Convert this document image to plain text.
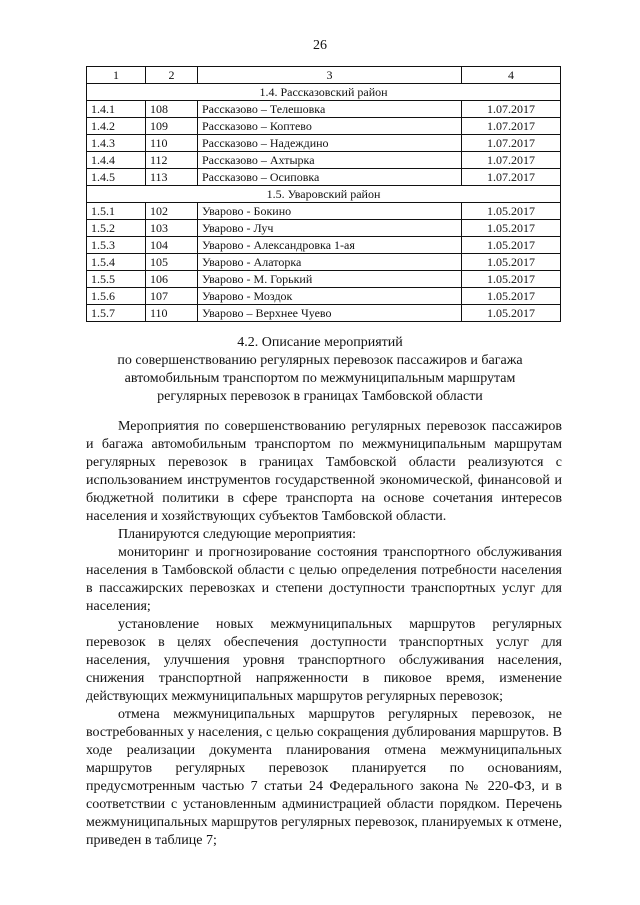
26
1	2	3	4
1.4. Рассказовский район			
1.4.1	108	Рассказово – Телешовка	1.07.2017
1.4.2	109	Рассказово – Коптево	1.07.2017
1.4.3	110	Рассказово – Надеждино	1.07.2017
1.4.4	112	Рассказово – Ахтырка	1.07.2017
1.4.5	113	Рассказово – Осиповка	1.07.2017
1.5. Уваровский район			
1.5.1	102	Уварово - Бокино	1.05.2017
1.5.2	103	Уварово - Луч	1.05.2017
1.5.3	104	Уварово - Александровка 1-ая	1.05.2017
1.5.4	105	Уварово - Алаторка	1.05.2017
1.5.5	106	Уварово - М. Горький	1.05.2017
1.5.6	107	Уварово - Моздок	1.05.2017
1.5.7	110	Уварово – Верхнее Чуево	1.05.2017
4.2. Описание мероприятий
по совершенствованию регулярных перевозок пассажиров и багажа
автомобильным транспортом по межмуниципальным маршрутам
регулярных перевозок в границах Тамбовской области

Мероприятия по совершенствованию регулярных перевозок пассажиров и багажа автомобильным транспортом по межмуниципальным маршрутам регулярных перевозок в границах Тамбовской области реализуются с использованием инструментов государственной экономической, финансовой и бюджетной политики в сфере транспорта на основе сочетания интересов населения и хозяйствующих субъектов Тамбовской области.

Планируются следующие мероприятия:

мониторинг и прогнозирование состояния транспортного обслуживания населения в Тамбовской области с целью определения потребности населения в пассажирских перевозках и степени доступности транспортных услуг для населения;

установление новых межмуниципальных маршрутов регулярных перевозок в целях обеспечения доступности транспортных услуг для населения, улучшения уровня транспортного обслуживания населения, снижения транспортной напряженности в пиковое время, изменение действующих межмуниципальных маршрутов регулярных перевозок;

отмена межмуниципальных маршрутов регулярных перевозок, не востребованных у населения, с целью сокращения дублирования маршрутов. В ходе реализации документа планирования отмена межмуниципальных маршрутов регулярных перевозок планируется по основаниям, предусмотренным частью 7 статьи 24 Федерального закона № 220-ФЗ, и в соответствии с установленным администрацией области порядком. Перечень межмуниципальных маршрутов регулярных перевозок, планируемых к отмене, приведен в таблице 7;
